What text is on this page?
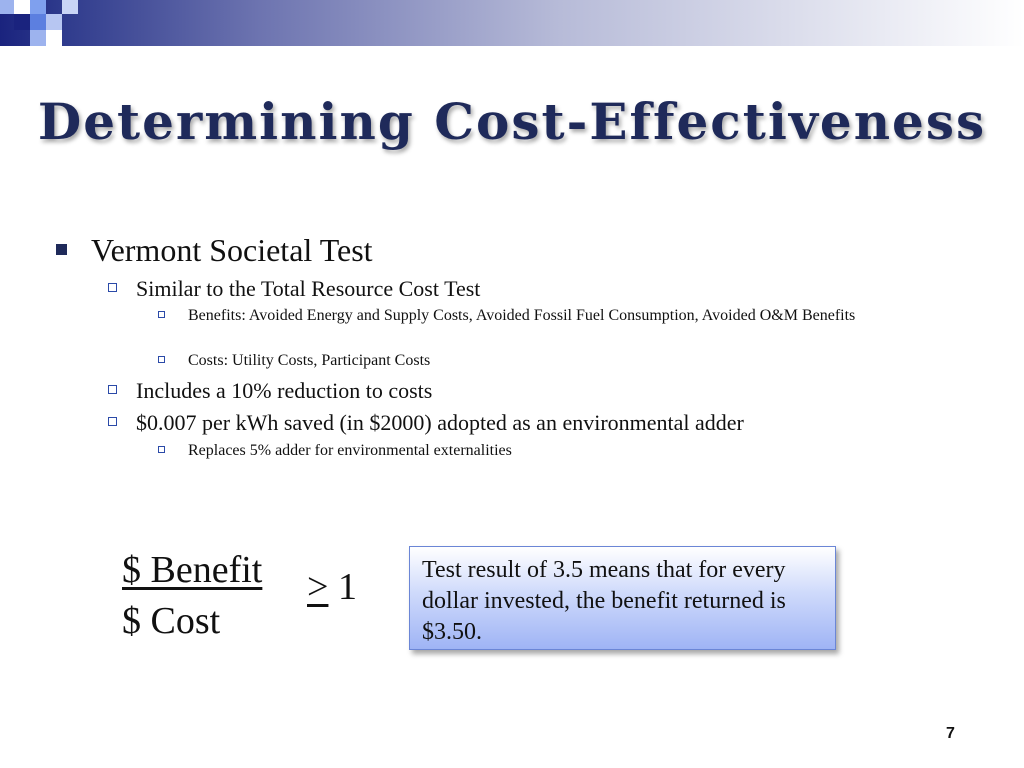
Determining Cost-Effectiveness
Vermont Societal Test
Similar to the Total Resource Cost Test
Benefits: Avoided Energy and Supply Costs, Avoided Fossil Fuel Consumption, Avoided O&M Benefits
Costs: Utility Costs, Participant Costs
Includes a 10% reduction to costs
$0.007 per kWh saved (in $2000) adopted as an environmental adder
Replaces 5% adder for environmental externalities
$ Benefit
$ Cost
≥ 1	Test result of 3.5 means that for every dollar invested, the benefit returned is $3.50.
7
